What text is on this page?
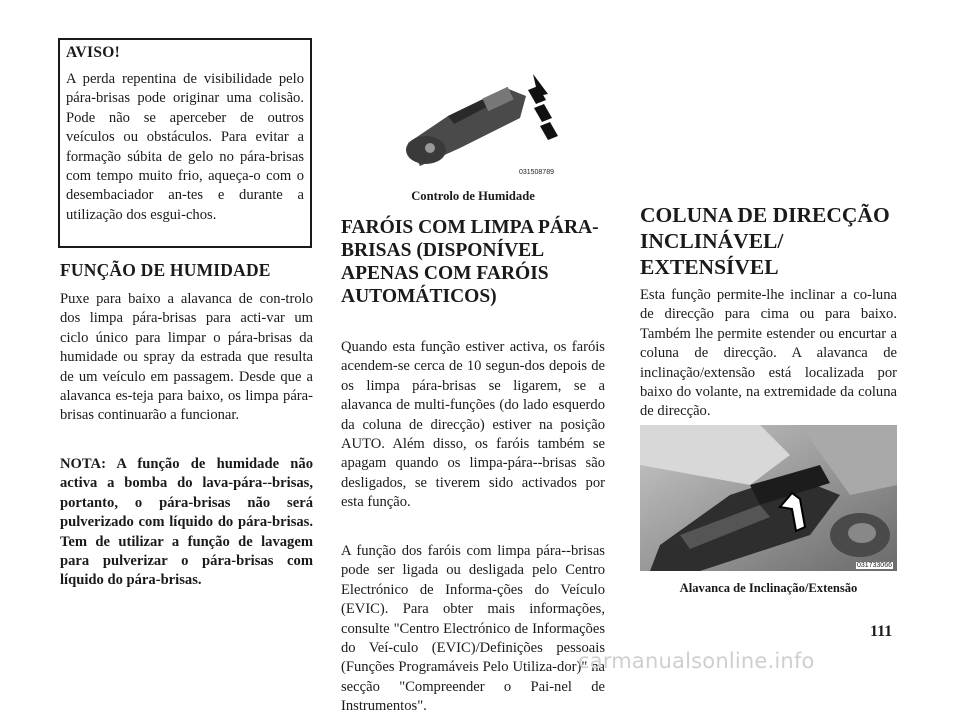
AVISO!

A perda repentina de visibilidade pelo pára-brisas pode originar uma colisão. Pode não se aperceber de outros veículos ou obstáculos. Para evitar a formação súbita de gelo no pára-brisas com tempo muito frio, aqueça-o com o desembaciador an-tes e durante a utilização dos esgui-chos.

FUNÇÃO DE HUMIDADE

Puxe para baixo a alavanca de con-trolo dos limpa pára-brisas para acti-var um ciclo único para limpar o pára-brisas da humidade ou spray da estrada que resulta de um veículo em passagem. Desde que a alavanca es-teja para baixo, os limpa pára-brisas continuarão a funcionar.

NOTA: A função de humidade não activa a bomba do lava-pára--brisas, portanto, o pára-brisas não será pulverizado com líquido do pára-brisas. Tem de utilizar a função de lavagem para pulverizar o pára-brisas com líquido do pára-brisas.

031508789

Controlo de Humidade

FARÓIS COM LIMPA PÁRA-BRISAS (DISPONÍVEL APENAS COM FARÓIS AUTOMÁTICOS)

Quando esta função estiver activa, os faróis acendem-se cerca de 10 segun-dos depois de os limpa pára-brisas se ligarem, se a alavanca de multi-funções (do lado esquerdo da coluna de direcção) estiver na posição AUTO. Além disso, os faróis também se apagam quando os limpa-pára--brisas são desligados, se tiverem sido activados por esta função.

A função dos faróis com limpa pára--brisas pode ser ligada ou desligada pelo Centro Electrónico de Informa-ções do Veículo (EVIC). Para obter mais informações, consulte "Centro Electrónico de Informações do Veí-culo (EVIC)/Definições pessoais (Funções Programáveis Pelo Utiliza-dor)" na secção "Compreender o Pai-nel de Instrumentos".

COLUNA DE DIRECÇÃO INCLINÁVEL/ EXTENSÍVEL

Esta função permite-lhe inclinar a co-luna de direcção para cima ou para baixo. Também lhe permite estender ou encurtar a coluna de direcção. A alavanca de inclinação/extensão está localizada por baixo do volante, na extremidade da coluna de direcção.

031733066

Alavanca de Inclinação/Extensão

111
carmanualsonline.info
